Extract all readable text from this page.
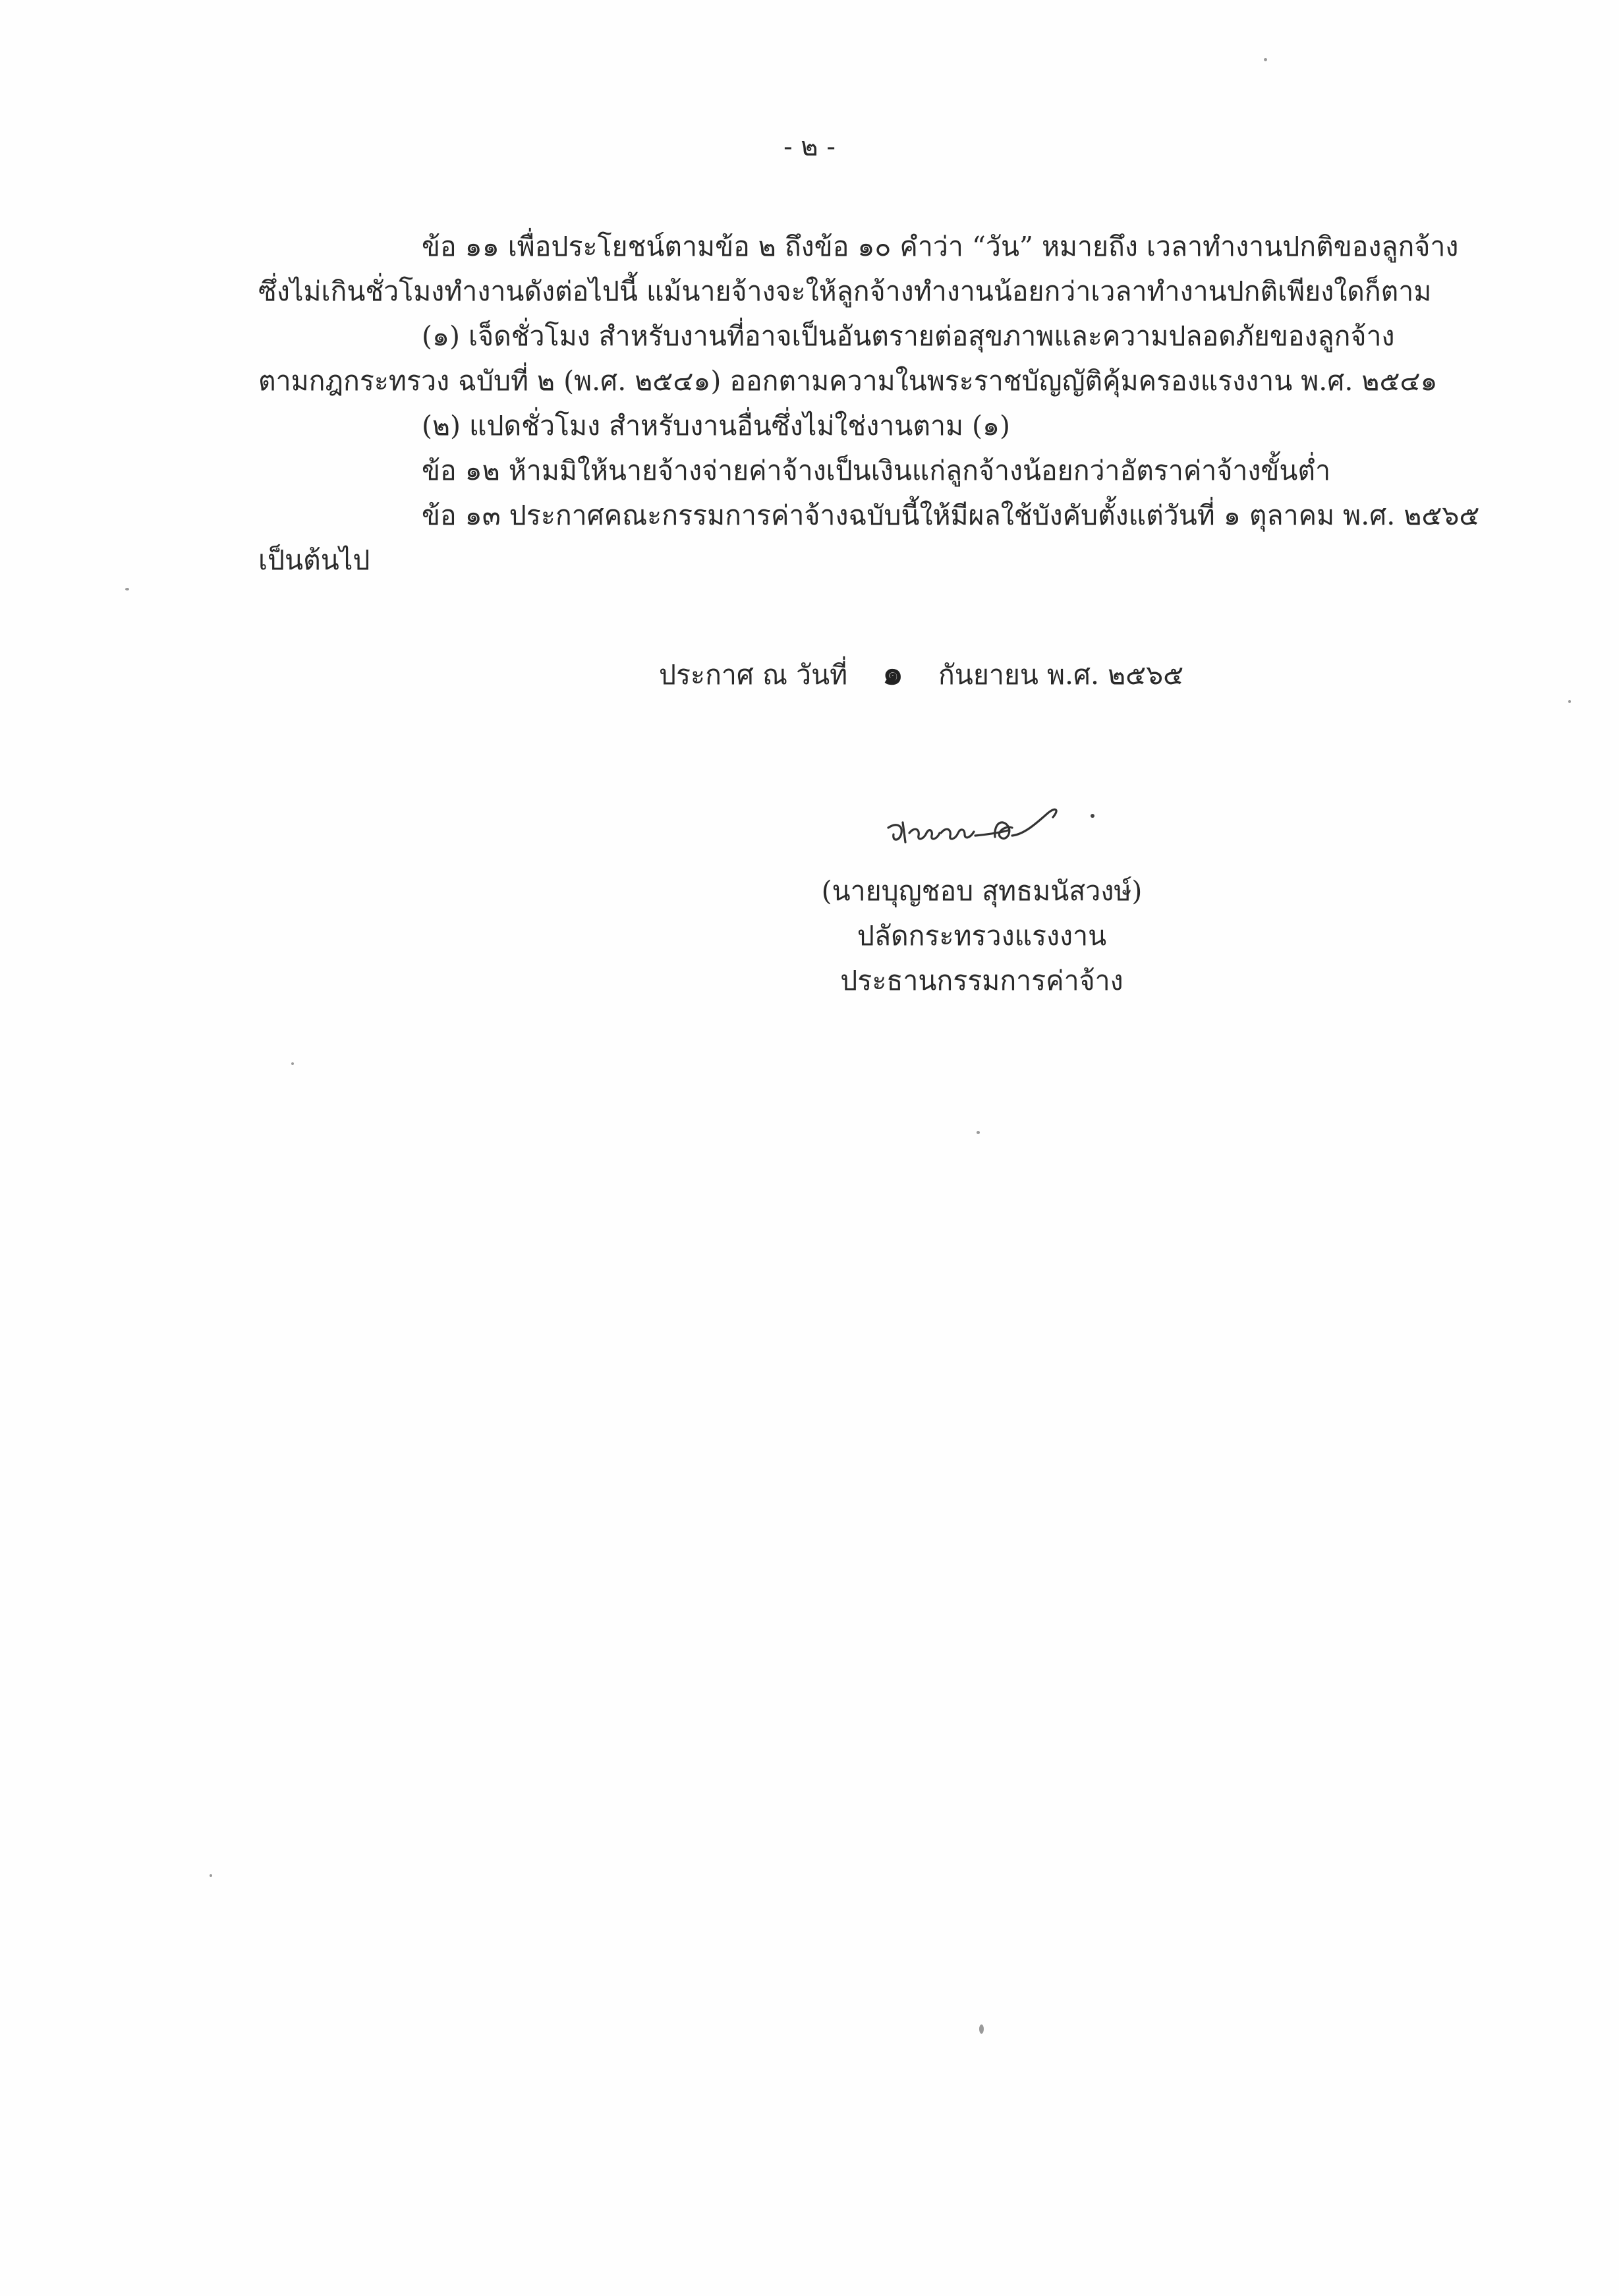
- ๒ -
ข้อ ๑๑ เพื่อประโยชน์ตามข้อ ๒ ถึงข้อ ๑๐ คำว่า “วัน” หมายถึง เวลาทำงานปกติของลูกจ้าง
ซึ่งไม่เกินชั่วโมงทำงานดังต่อไปนี้ แม้นายจ้างจะให้ลูกจ้างทำงานน้อยกว่าเวลาทำงานปกติเพียงใดก็ตาม
(๑) เจ็ดชั่วโมง สำหรับงานที่อาจเป็นอันตรายต่อสุขภาพและความปลอดภัยของลูกจ้าง
ตามกฎกระทรวง ฉบับที่ ๒ (พ.ศ. ๒๕๔๑) ออกตามความในพระราชบัญญัติคุ้มครองแรงงาน พ.ศ. ๒๕๔๑
(๒) แปดชั่วโมง สำหรับงานอื่นซึ่งไม่ใช่งานตาม (๑)
ข้อ ๑๒ ห้ามมิให้นายจ้างจ่ายค่าจ้างเป็นเงินแก่ลูกจ้างน้อยกว่าอัตราค่าจ้างขั้นต่ำ
ข้อ ๑๓ ประกาศคณะกรรมการค่าจ้างฉบับนี้ให้มีผลใช้บังคับตั้งแต่วันที่ ๑ ตุลาคม พ.ศ. ๒๕๖๕
เป็นต้นไป
ประกาศ ณ วันที่ ๑ กันยายน พ.ศ. ๒๕๖๕
(นายบุญชอบ สุทธมนัสวงษ์)
ปลัดกระทรวงแรงงาน
ประธานกรรมการค่าจ้าง
